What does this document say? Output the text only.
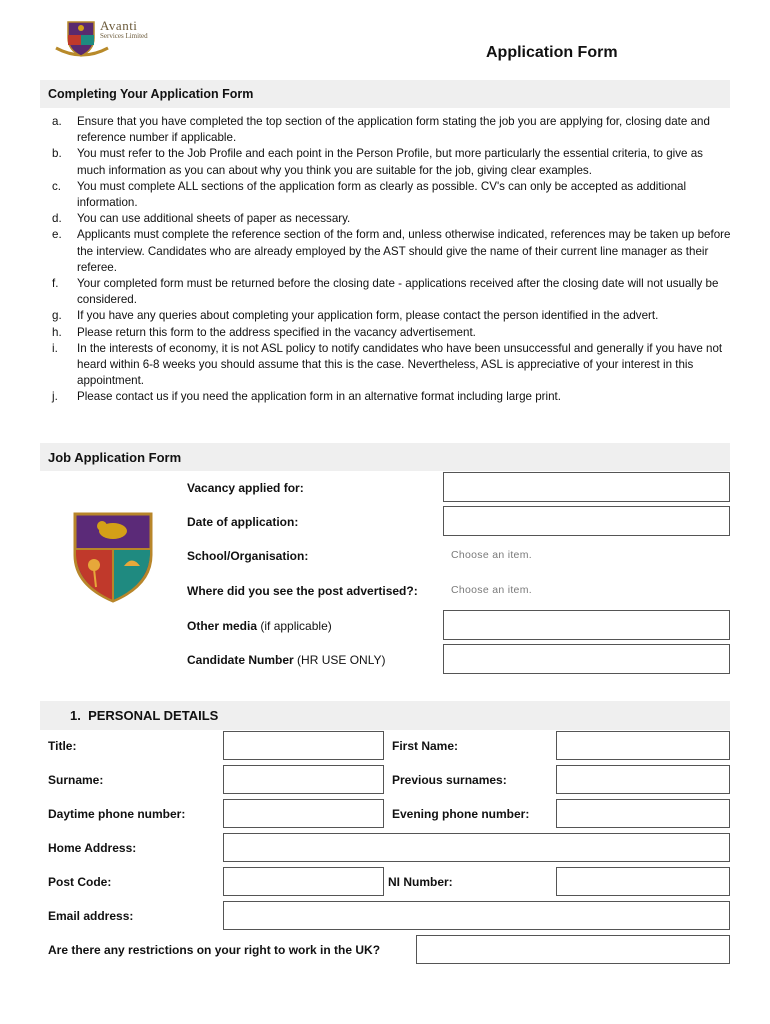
Avanti
Services Limited
Application Form
Completing Your Application Form
a. Ensure that you have completed the top section of the application form stating the job you are applying for, closing date and reference number if applicable.
b. You must refer to the Job Profile and each point in the Person Profile, but more particularly the essential criteria, to give as much information as you can about why you think you are suitable for the job, giving clear examples.
c. You must complete ALL sections of the application form as clearly as possible. CV's can only be accepted as additional information.
d. You can use additional sheets of paper as necessary.
e. Applicants must complete the reference section of the form and, unless otherwise indicated, references may be taken up before the interview. Candidates who are already employed by the AST should give the name of their current line manager as their referee.
f. Your completed form must be returned before the closing date - applications received after the closing date will not usually be considered.
g. If you have any queries about completing your application form, please contact the person identified in the advert.
h. Please return this form to the address specified in the vacancy advertisement.
i. In the interests of economy, it is not ASL policy to notify candidates who have been unsuccessful and generally if you have not heard within 6-8 weeks you should assume that this is the case. Nevertheless, ASL is appreciative of your interest in this appointment.
j. Please contact us if you need the application form in an alternative format including large print.
Job Application Form
Vacancy applied for:
Date of application:
School/Organisation:	Choose an item.
Where did you see the post advertised?:	Choose an item.
Other media (if applicable)
Candidate Number (HR USE ONLY)
1.  PERSONAL DETAILS
Title:	First Name:
Surname:	Previous surnames:
Daytime phone number:	Evening phone number:
Home Address:
Post Code:	NI Number:
Email address:
Are there any restrictions on your right to work in the UK?
